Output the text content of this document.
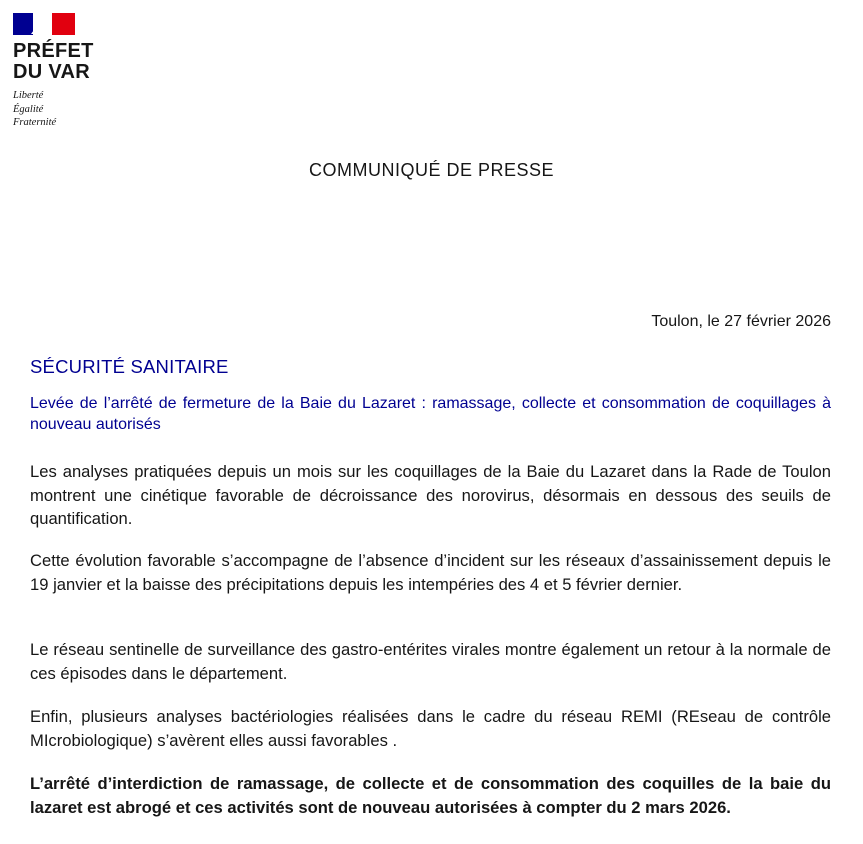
PRÉFET
DU VAR
Liberté
Égalité
Fraternité
COMMUNIQUÉ DE PRESSE
Toulon, le 27 février 2026
SÉCURITÉ SANITAIRE
Levée de l’arrêté de fermeture de la Baie du Lazaret : ramassage, collecte et consommation de coquillages à nouveau autorisés
Les analyses pratiquées depuis un mois sur les coquillages de la Baie du Lazaret dans la Rade de Toulon montrent une cinétique favorable de décroissance des norovirus, désormais en dessous des seuils de quantification.
Cette évolution favorable s’accompagne de l’absence d’incident sur les réseaux d’assainissement depuis le 19 janvier et la baisse des précipitations depuis les intempéries des 4 et 5 février dernier.
Le réseau sentinelle de surveillance des gastro-entérites virales montre également un retour à la normale de ces épisodes dans le département.
Enfin, plusieurs analyses bactériologies réalisées dans le cadre du réseau REMI (REseau de contrôle MIcrobiologique) s’avèrent elles aussi favorables .
L’arrêté d’interdiction de ramassage, de collecte et de consommation des coquilles de la baie du lazaret est abrogé et ces activités sont de nouveau autorisées à compter du 2 mars 2026.
